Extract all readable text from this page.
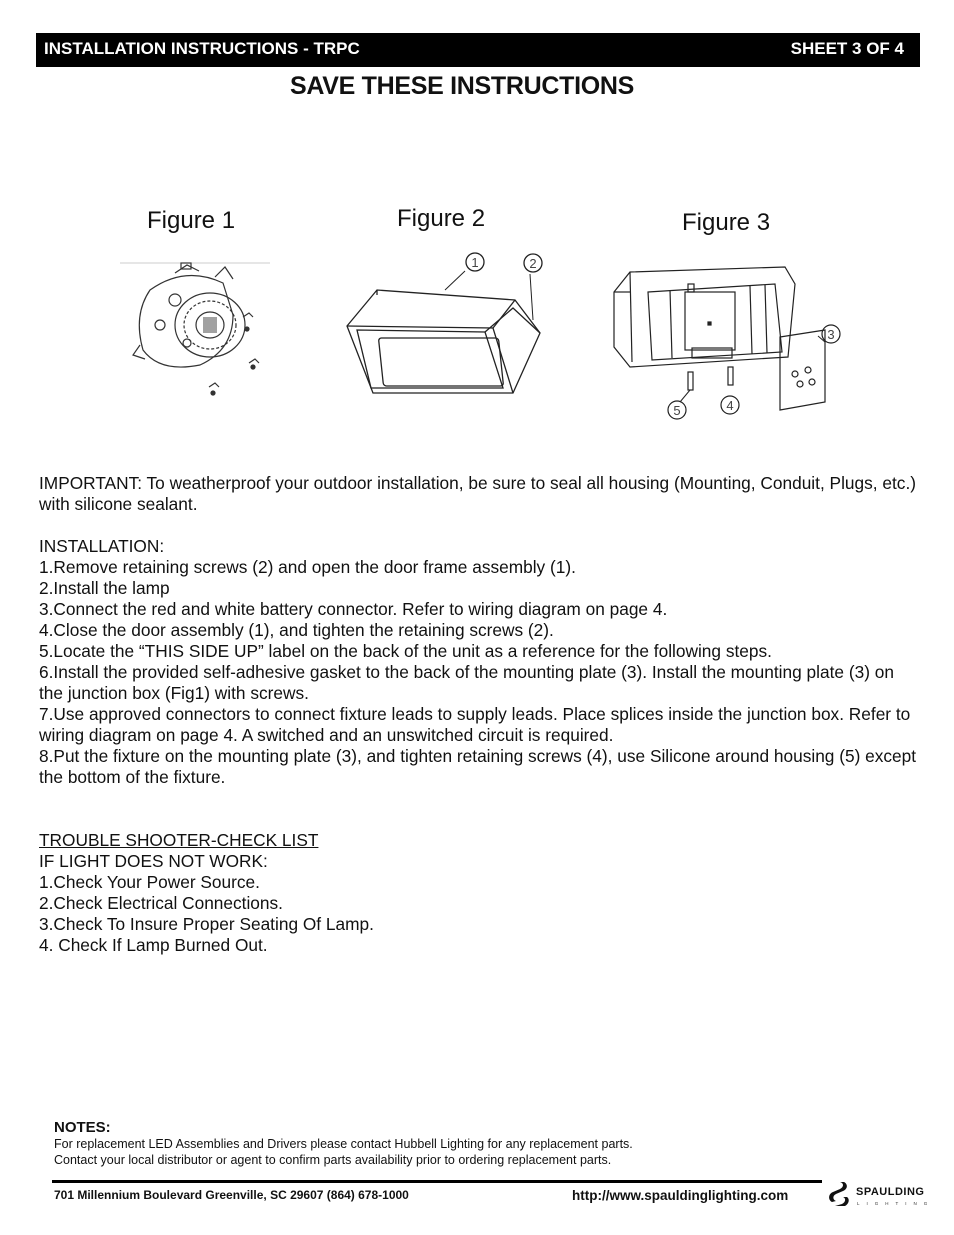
INSTALLATION INSTRUCTIONS - TRPC	SHEET 3 OF 4
SAVE THESE INSTRUCTIONS
Figure 1	Figure 2	Figure 3
1	2
3
4
5

IMPORTANT: To weatherproof your outdoor installation, be sure to seal all housing (Mounting, Conduit, Plugs, etc.) with silicone sealant.

INSTALLATION:

1.Remove retaining screws (2) and open the door frame assembly (1).

2.Install the lamp

3.Connect the red and white battery connector. Refer to wiring diagram on page 4.

4.Close the door assembly (1), and tighten the retaining screws (2).

5.Locate the “THIS SIDE UP” label on the back of the unit as a reference for the following steps.

6.Install the provided self-adhesive gasket to the back of the mounting plate (3). Install the mounting plate (3) on the junction box (Fig1) with screws.

7.Use approved connectors to connect fixture leads to supply leads. Place splices inside the junction box. Refer to wiring diagram on page 4. A switched and an unswitched circuit is required.

8.Put the fixture on the mounting plate (3), and tighten retaining screws (4), use Silicone around housing (5) except the bottom of the fixture.

TROUBLE SHOOTER-CHECK LIST

IF LIGHT DOES NOT WORK:

1.Check Your Power Source.

2.Check Electrical Connections.

3.Check To Insure Proper Seating Of Lamp.

4. Check If Lamp Burned Out.

NOTES:
For replacement LED Assemblies and Drivers please contact Hubbell Lighting for any replacement parts.
Contact your local distributor or agent to confirm parts availability prior to ordering replacement parts.
701 Millennium Boulevard Greenville, SC 29607 (864) 678-1000	http://www.spauldinglighting.com	SPAULDING
LIGHTING
